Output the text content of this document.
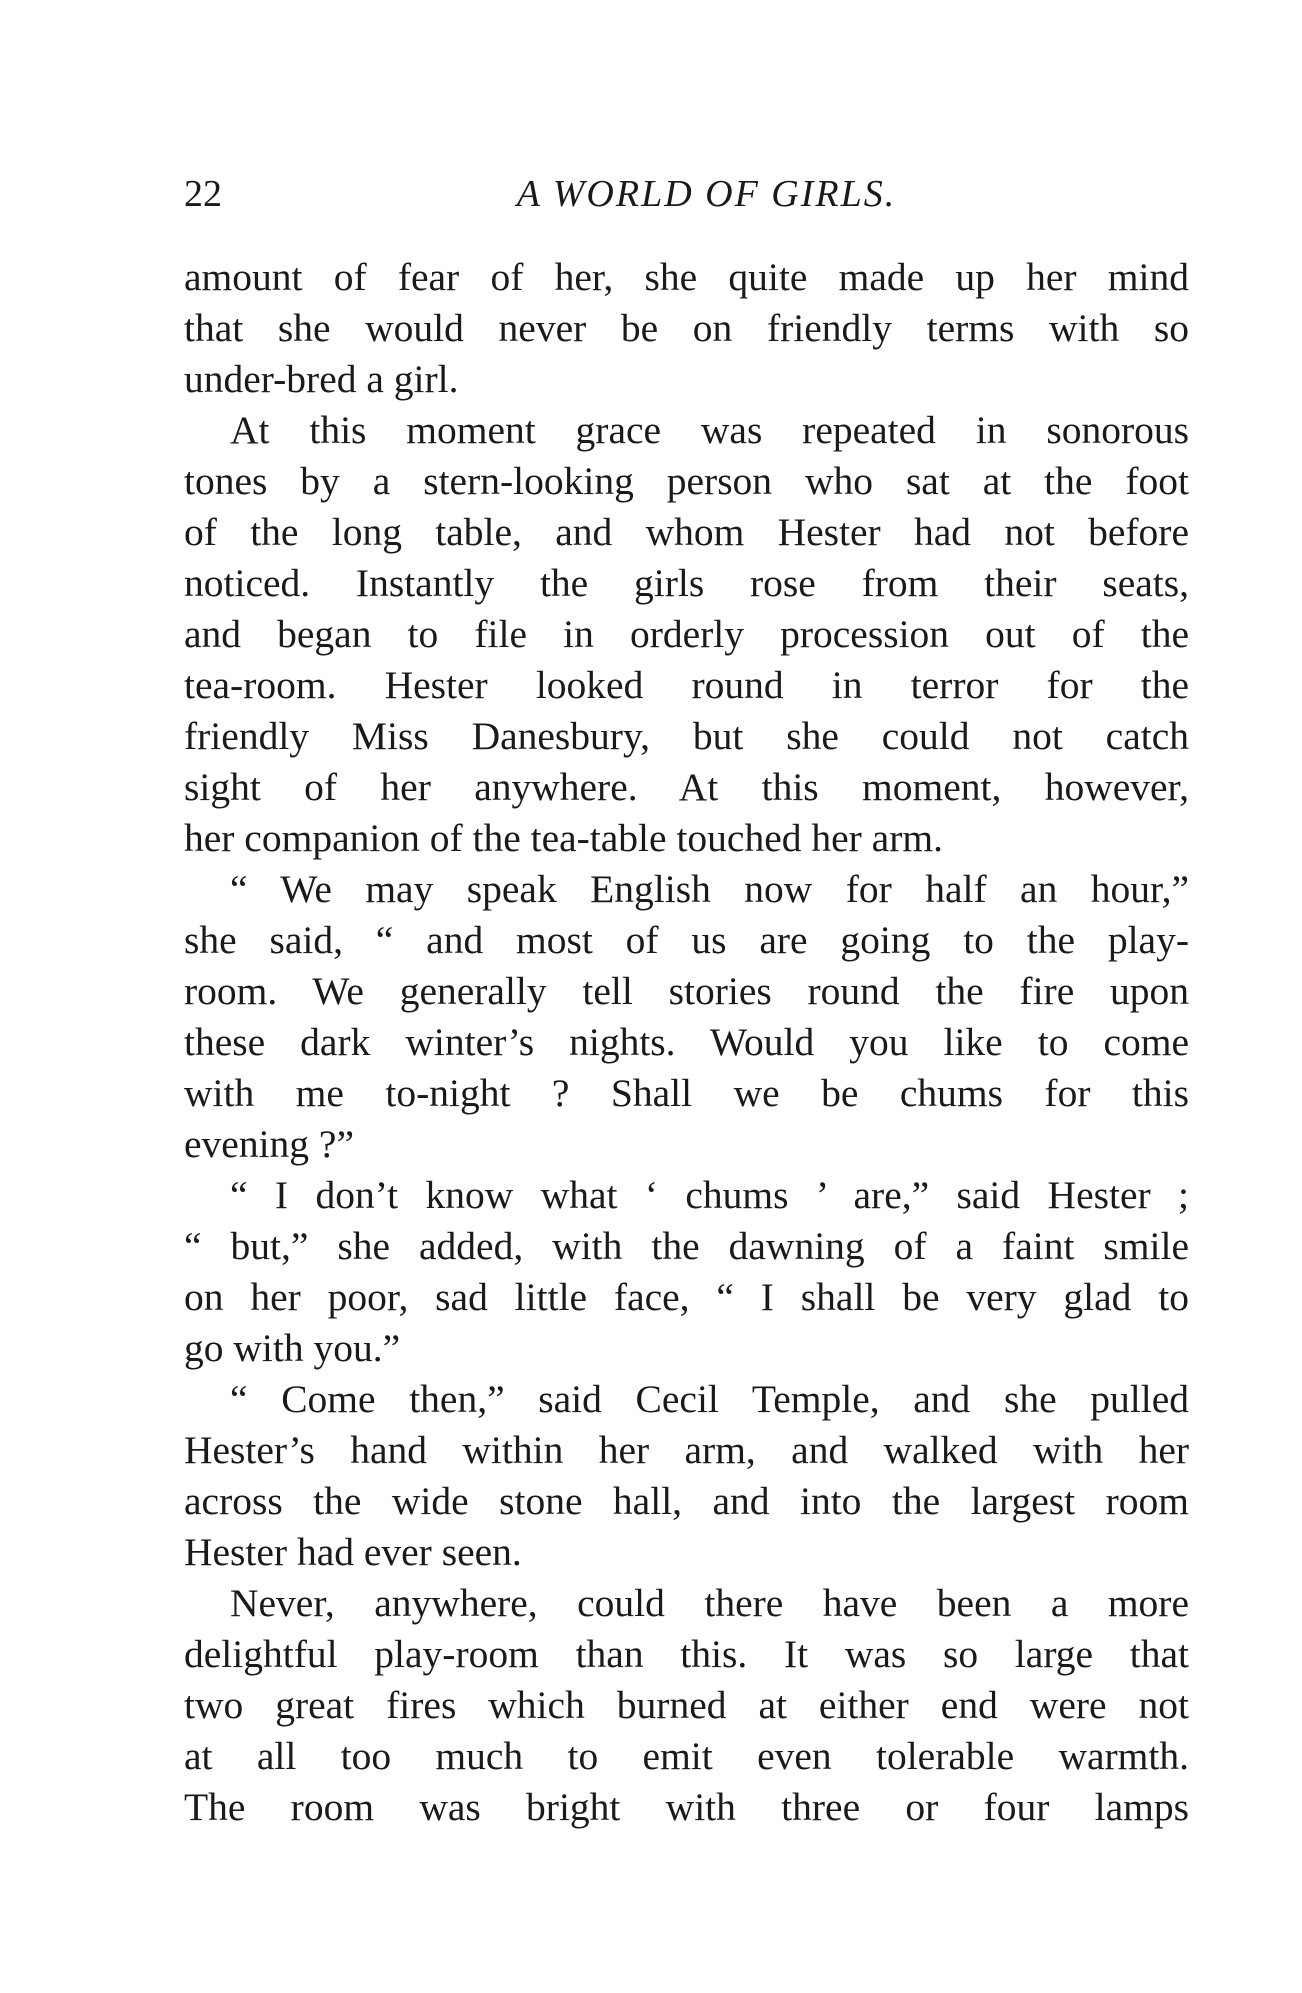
22	A WORLD OF GIRLS.
amount of fear of her, she quite made up her mind
that she would never be on friendly terms with so
under-bred a girl.
At this moment grace was repeated in sonorous
tones by a stern-looking person who sat at the foot
of the long table, and whom Hester had not before
noticed. Instantly the girls rose from their seats,
and began to file in orderly procession out of the
tea-room. Hester looked round in terror for the
friendly Miss Danesbury, but she could not catch
sight of her anywhere. At this moment, however,
her companion of the tea-table touched her arm.
“ We may speak English now for half an hour,”
she said, “ and most of us are going to the play-
room. We generally tell stories round the fire upon
these dark winter’s nights. Would you like to come
with me to-night ? Shall we be chums for this
evening ?”
“ I don’t know what ‘ chums ’ are,” said Hester ;
“ but,” she added, with the dawning of a faint smile
on her poor, sad little face, “ I shall be very glad to
go with you.”
“ Come then,” said Cecil Temple, and she pulled
Hester’s hand within her arm, and walked with her
across the wide stone hall, and into the largest room
Hester had ever seen.
Never, anywhere, could there have been a more
delightful play-room than this. It was so large that
two great fires which burned at either end were not
at all too much to emit even tolerable warmth.
The room was bright with three or four lamps
